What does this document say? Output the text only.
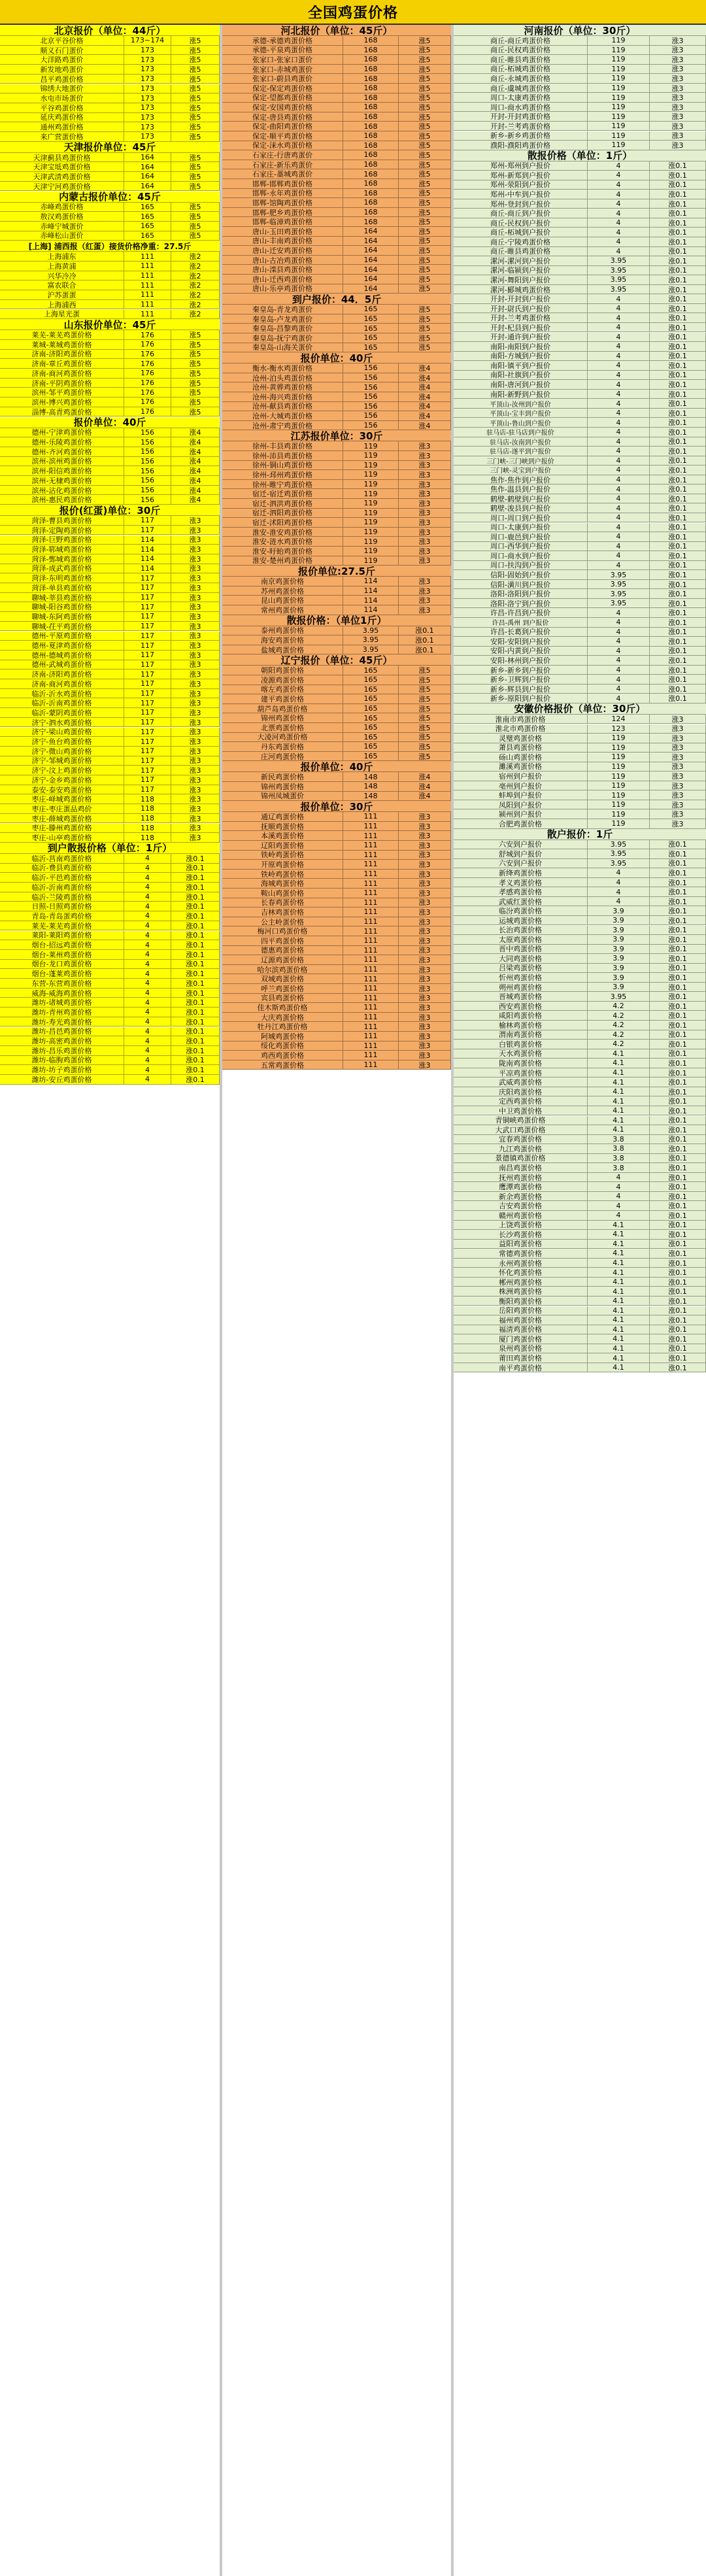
全国鸡蛋价格
北京报价（单位：44斤）
北京平谷价格	173~174	涨5
顺义石门蛋价	173	涨5
大洋路鸡蛋价	173	涨5
新发地鸡蛋价	173	涨5
昌平鸡蛋价格	173	涨5
锦绣大地蛋价	173	涨5
水屯市场蛋价	173	涨5
平谷鸡蛋价格	173	涨5
延庆鸡蛋价格	173	涨5
通州鸡蛋价格	173	涨5
来广营蛋价格	173	涨5
天津报价单位：45斤
天津蓟县鸡蛋价格	164	涨5
天津宝坻鸡蛋价格	164	涨5
天津武清鸡蛋价格	164	涨5
天津宁河鸡蛋价格	164	涨5
内蒙古报价单位：45斤
赤峰鸡蛋价格	165	涨5
敖汉鸡蛋价格	165	涨5
赤峰宁城蛋价	165	涨5
赤峰松山蛋价	165	涨5
[上海] 浦西报（红蛋）接货价格净重：27.5斤
上海浦东	111	涨2
上海黄浦	111	涨2
兴华冷冷	111	涨2
富农联合	111	涨2
沪苏蛋蛋	111	涨2
上海浦西	111	涨2
上海星光蛋	111	涨2
山东报价单位：45斤
莱芜-莱芜鸡蛋价格	176	涨5
莱城-莱城鸡蛋价格	176	涨5
济南-济阳鸡蛋价格	176	涨5
济南-章丘鸡蛋价格	176	涨5
济南-商河鸡蛋价格	176	涨5
济南-平阴鸡蛋价格	176	涨5
滨州-邹平鸡蛋价格	176	涨5
滨州-博兴鸡蛋价格	176	涨5
淄博-高青鸡蛋价格	176	涨5
报价单位：40斤
德州-宁津鸡蛋价格	156	涨4
德州-乐陵鸡蛋价格	156	涨4
德州-齐河鸡蛋价格	156	涨4
滨州-滨州鸡蛋价格	156	涨4
滨州-阳信鸡蛋价格	156	涨4
滨州-无棣鸡蛋价格	156	涨4
滨州-沾化鸡蛋价格	156	涨4
滨州-惠民鸡蛋价格	156	涨4
报价(红蛋)单位：30斤
菏泽-曹县鸡蛋价格	117	涨3
菏泽-定陶鸡蛋价格	117	涨3
菏泽-巨野鸡蛋价格	114	涨3
菏泽-郓城鸡蛋价格	114	涨3
菏泽-鄄城鸡蛋价格	114	涨3
菏泽-成武鸡蛋价格	114	涨3
菏泽-东明鸡蛋价格	117	涨3
菏泽-单县鸡蛋价格	117	涨3
聊城-莘县鸡蛋价格	117	涨3
聊城-阳谷鸡蛋价格	117	涨3
聊城-东阿鸡蛋价格	117	涨3
聊城-茌平鸡蛋价格	117	涨3
德州-平原鸡蛋价格	117	涨3
德州-夏津鸡蛋价格	117	涨3
德州-德城鸡蛋价格	117	涨3
德州-武城鸡蛋价格	117	涨3
济南-济阳鸡蛋价格	117	涨3
济南-商河鸡蛋价格	117	涨3
临沂-沂水鸡蛋价格	117	涨3
临沂-沂南鸡蛋价格	117	涨3
临沂-蒙阴鸡蛋价格	117	涨3
济宁-泗水鸡蛋价格	117	涨3
济宁-梁山鸡蛋价格	117	涨3
济宁-鱼台鸡蛋价格	117	涨3
济宁-微山鸡蛋价格	117	涨3
济宁-邹城鸡蛋价格	117	涨3
济宁-汶上鸡蛋价格	117	涨3
济宁-金乡鸡蛋价格	117	涨3
泰安-泰安鸡蛋价格	117	涨3
枣庄-峄城鸡蛋价格	118	涨3
枣庄-枣庄蛋品鸡价	118	涨3
枣庄-薛城鸡蛋价格	118	涨3
枣庄-滕州鸡蛋价格	118	涨3
枣庄-山亭鸡蛋价格	118	涨3
到户散报价格（单位：1斤）
临沂-莒南鸡蛋价格	4	涨0.1
临沂-费县鸡蛋价格	4	涨0.1
临沂-平邑鸡蛋价格	4	涨0.1
临沂-沂南鸡蛋价格	4	涨0.1
临沂-兰陵鸡蛋价格	4	涨0.1
日照-日照鸡蛋价格	4	涨0.1
青岛-青岛蛋鸡价格	4	涨0.1
莱芜-莱芜鸡蛋价格	4	涨0.1
莱阳-莱阳鸡蛋价格	4	涨0.1
烟台-招远鸡蛋价格	4	涨0.1
烟台-莱州鸡蛋价格	4	涨0.1
烟台-龙口鸡蛋价格	4	涨0.1
烟台-蓬莱鸡蛋价格	4	涨0.1
东营-东营鸡蛋价格	4	涨0.1
威海-威海鸡蛋价格	4	涨0.1
潍坊-诸城鸡蛋价格	4	涨0.1
潍坊-青州鸡蛋价格	4	涨0.1
潍坊-寿光鸡蛋价格	4	涨0.1
潍坊-昌邑鸡蛋价格	4	涨0.1
潍坊-高密鸡蛋价格	4	涨0.1
潍坊-昌乐鸡蛋价格	4	涨0.1
潍坊-临朐鸡蛋价格	4	涨0.1
潍坊-坊子鸡蛋价格	4	涨0.1
潍坊-安丘鸡蛋价格	4	涨0.1
河北报价（单位：45斤）
承德-承德鸡蛋价格	168	涨5
承德-平泉鸡蛋价格	168	涨5
张家口-张家口蛋价	168	涨5
张家口-赤城鸡蛋价	168	涨5
张家口-蔚县鸡蛋价	168	涨5
保定-保定鸡蛋价格	168	涨5
保定-望都鸡蛋价格	168	涨5
保定-安国鸡蛋价格	168	涨5
保定-唐县鸡蛋价格	168	涨5
保定-曲阳鸡蛋价格	168	涨5
保定-顺平鸡蛋价格	168	涨5
保定-涞水鸡蛋价格	168	涨5
石家庄-行唐鸡蛋价	168	涨5
石家庄-新乐鸡蛋价	168	涨5
石家庄-藁城鸡蛋价	168	涨5
邯郸-邯郸鸡蛋价格	168	涨5
邯郸-永年鸡蛋价格	168	涨5
邯郸-馆陶鸡蛋价格	168	涨5
邯郸-肥乡鸡蛋价格	168	涨5
邯郸-临漳鸡蛋价格	168	涨5
唐山-玉田鸡蛋价格	164	涨5
唐山-丰南鸡蛋价格	164	涨5
唐山-迁安鸡蛋价格	164	涨5
唐山-古冶鸡蛋价格	164	涨5
唐山-滦县鸡蛋价格	164	涨5
唐山-迁西鸡蛋价格	164	涨5
唐山-乐亭鸡蛋价格	164	涨5
到户报价：44．5斤
秦皇岛-青龙鸡蛋价	165	涨5
秦皇岛-卢龙鸡蛋价	165	涨5
秦皇岛-昌黎鸡蛋价	165	涨5
秦皇岛-抚宁鸡蛋价	165	涨5
秦皇岛-山海关蛋价	165	涨5
报价单位：40斤
衡水-衡水鸡蛋价格	156	涨4
沧州-泊头鸡蛋价格	156	涨4
沧州-黄骅鸡蛋价格	156	涨4
沧州-海兴鸡蛋价格	156	涨4
沧州-献县鸡蛋价格	156	涨4
沧州-大城鸡蛋价格	156	涨4
沧州-肃宁鸡蛋价格	156	涨4
江苏报价单位：30斤
徐州-丰县鸡蛋价格	119	涨3
徐州-沛县鸡蛋价格	119	涨3
徐州-铜山鸡蛋价格	119	涨3
徐州-邳州鸡蛋价格	119	涨3
徐州-睢宁鸡蛋价格	119	涨3
宿迁-宿迁鸡蛋价格	119	涨3
宿迁-泗洪鸡蛋价格	119	涨3
宿迁-泗阳鸡蛋价格	119	涨3
宿迁-沭阳鸡蛋价格	119	涨3
淮安-淮安鸡蛋价格	119	涨3
淮安-涟水鸡蛋价格	119	涨3
淮安-盱眙鸡蛋价格	119	涨3
淮安-楚州鸡蛋价格	119	涨3
报价单位:27.5斤
南京鸡蛋价格	114	涨3
苏州鸡蛋价格	114	涨3
昆山鸡蛋价格	114	涨3
常州鸡蛋价格	114	涨3
散报价格：（单位1斤）
泰州鸡蛋价格	3.95	涨0.1
海安鸡蛋价格	3.95	涨0.1
盐城鸡蛋价格	3.95	涨0.1
辽宁报价（单位：45斤）
朝阳鸡蛋价格	165	涨5
凌源鸡蛋价格	165	涨5
喀左鸡蛋价格	165	涨5
建平鸡蛋价格	165	涨5
葫芦岛鸡蛋价格	165	涨5
锦州鸡蛋价格	165	涨5
北票鸡蛋价格	165	涨5
大凌河鸡蛋价格	165	涨5
丹东鸡蛋价格	165	涨5
庄河鸡蛋价格	165	涨5
报价单位：40斤
新民鸡蛋价格	148	涨4
锦州鸡蛋价格	148	涨4
锦州凤城蛋价	148	涨4
报价单位：30斤
通辽鸡蛋价格	111	涨3
抚顺鸡蛋价格	111	涨3
本溪鸡蛋价格	111	涨3
辽阳鸡蛋价格	111	涨3
铁岭鸡蛋价格	111	涨3
开原鸡蛋价格	111	涨3
铁岭鸡蛋价格	111	涨3
海城鸡蛋价格	111	涨3
鞍山鸡蛋价格	111	涨3
长春鸡蛋价格	111	涨3
吉林鸡蛋价格	111	涨3
公主岭蛋价格	111	涨3
梅河口鸡蛋价格	111	涨3
四平鸡蛋价格	111	涨3
德惠鸡蛋价格	111	涨3
辽源鸡蛋价格	111	涨3
哈尔滨鸡蛋价格	111	涨3
双城鸡蛋价格	111	涨3
呼兰鸡蛋价格	111	涨3
宾县鸡蛋价格	111	涨3
佳木斯鸡蛋价格	111	涨3
大庆鸡蛋价格	111	涨3
牡丹江鸡蛋价格	111	涨3
阿城鸡蛋价格	111	涨3
绥化鸡蛋价格	111	涨3
鸡西鸡蛋价格	111	涨3
五常鸡蛋价格	111	涨3
河南报价（单位：30斤）
商丘-商丘鸡蛋价格	119	涨3
商丘-民权鸡蛋价格	119	涨3
商丘-睢县鸡蛋价格	119	涨3
商丘-柘城鸡蛋价格	119	涨3
商丘-永城鸡蛋价格	119	涨3
商丘-虞城鸡蛋价格	119	涨3
周口-太康鸡蛋价格	119	涨3
周口-商水鸡蛋价格	119	涨3
开封-开封鸡蛋价格	119	涨3
开封-兰考鸡蛋价格	119	涨3
新乡-新乡鸡蛋价格	119	涨3
濮阳-濮阳鸡蛋价格	119	涨3
散报价格（单位：1斤）
郑州-郑州到户报价	4	涨0.1
郑州-新郑到户报价	4	涨0.1
郑州-荥阳到户报价	4	涨0.1
郑州-中牟到户报价	4	涨0.1
郑州-登封到户报价	4	涨0.1
商丘-商丘到户报价	4	涨0.1
商丘-民权到户报价	4	涨0.1
商丘-柘城到户报价	4	涨0.1
商丘-宁陵鸡蛋价格	4	涨0.1
商丘-睢县鸡蛋价格	4	涨0.1
漯河-漯河到户报价	3.95	涨0.1
漯河-临颍到户报价	3.95	涨0.1
漯河-舞阳到户报价	3.95	涨0.1
漯河-郾城鸡蛋价格	3.95	涨0.1
开封-开封到户报价	4	涨0.1
开封-尉氏到户报价	4	涨0.1
开封-兰考鸡蛋价格	4	涨0.1
开封-杞县到户报价	4	涨0.1
开封-通许到户报价	4	涨0.1
南阳-南阳到户报价	4	涨0.1
南阳-方城到户报价	4	涨0.1
南阳-镇平到户报价	4	涨0.1
南阳-社旗到户报价	4	涨0.1
南阳-唐河到户报价	4	涨0.1
南阳-新野到户报价	4	涨0.1
平顶山-汝州到户报价	4	涨0.1
平顶山-宝丰到户报价	4	涨0.1
平顶山-鲁山到户报价	4	涨0.1
驻马店-驻马店到户报价	4	涨0.1
驻马店-汝南到户报价	4	涨0.1
驻马店-遂平到户报价	4	涨0.1
三门峡-三门峡到户报价	4	涨0.1
三门峡-灵宝到户报价	4	涨0.1
焦作-焦作到户报价	4	涨0.1
焦作-温县到户报价	4	涨0.1
鹤壁-鹤壁到户报价	4	涨0.1
鹤壁-浚县到户报价	4	涨0.1
周口-周口到户报价	4	涨0.1
周口-太康到户报价	4	涨0.1
周口-鹿邑到户报价	4	涨0.1
周口-西华到户报价	4	涨0.1
周口-商水到户报价	4	涨0.1
周口-扶沟到户报价	4	涨0.1
信阳-固始到户报价	3.95	涨0.1
信阳-潢川到户报价	3.95	涨0.1
洛阳-洛阳到户报价	3.95	涨0.1
洛阳-洛宁到户报价	3.95	涨0.1
许昌-许昌到户报价	4	涨0.1
许昌-禹州 到户报价	4	涨0.1
许昌-长葛到户报价	4	涨0.1
安阳-安阳到户报价	4	涨0.1
安阳-内黄到户报价	4	涨0.1
安阳-林州到户报价	4	涨0.1
新乡-新乡到户报价	4	涨0.1
新乡-卫辉到户报价	4	涨0.1
新乡-辉县到户报价	4	涨0.1
新乡-原阳到户报价	4	涨0.1
安徽价格报价（单位：30斤）
淮南市鸡蛋价格	124	涨3
淮北市鸡蛋价格	123	涨3
灵璧鸡蛋价格	119	涨3
萧县鸡蛋价格	119	涨3
砀山鸡蛋价格	119	涨3
濉溪鸡蛋价格	119	涨3
宿州到户报价	119	涨3
亳州到户报价	119	涨3
蚌埠到户报价	119	涨3
凤阳到户报价	119	涨3
颍州到户报价	119	涨3
合肥鸡蛋价格	119	涨3
散户报价：1斤
六安到户报价	3.95	涨0.1
舒城到户报价	3.95	涨0.1
六安到户报价	3.95	涨0.1
新绛鸡蛋价格	4	涨0.1
孝义鸡蛋价格	4	涨0.1
孝感鸡蛋价格	4	涨0.1
武威红蛋价格	4	涨0.1
临汾鸡蛋价格	3.9	涨0.1
运城鸡蛋价格	3.9	涨0.1
长治鸡蛋价格	3.9	涨0.1
太原鸡蛋价格	3.9	涨0.1
晋中鸡蛋价格	3.9	涨0.1
大同鸡蛋价格	3.9	涨0.1
吕梁鸡蛋价格	3.9	涨0.1
忻州鸡蛋价格	3.9	涨0.1
朔州鸡蛋价格	3.9	涨0.1
晋城鸡蛋价格	3.95	涨0.1
西安鸡蛋价格	4.2	涨0.1
咸阳鸡蛋价格	4.2	涨0.1
榆林鸡蛋价格	4.2	涨0.1
渭南鸡蛋价格	4.2	涨0.1
白银鸡蛋价格	4.2	涨0.1
天水鸡蛋价格	4.1	涨0.1
陇南鸡蛋价格	4.1	涨0.1
平凉鸡蛋价格	4.1	涨0.1
武威鸡蛋价格	4.1	涨0.1
庆阳鸡蛋价格	4.1	涨0.1
定西鸡蛋价格	4.1	涨0.1
中卫鸡蛋价格	4.1	涨0.1
青铜峡鸡蛋价格	4.1	涨0.1
大武口鸡蛋价格	4.1	涨0.1
宜春鸡蛋价格	3.8	涨0.1
九江鸡蛋价格	3.8	涨0.1
景德镇鸡蛋价格	3.8	涨0.1
南昌鸡蛋价格	3.8	涨0.1
抚州鸡蛋价格	4	涨0.1
鹰潭鸡蛋价格	4	涨0.1
新余鸡蛋价格	4	涨0.1
吉安鸡蛋价格	4	涨0.1
赣州鸡蛋价格	4	涨0.1
上饶鸡蛋价格	4.1	涨0.1
长沙鸡蛋价格	4.1	涨0.1
益阳鸡蛋价格	4.1	涨0.1
常德鸡蛋价格	4.1	涨0.1
永州鸡蛋价格	4.1	涨0.1
怀化鸡蛋价格	4.1	涨0.1
郴州鸡蛋价格	4.1	涨0.1
株洲鸡蛋价格	4.1	涨0.1
衡阳鸡蛋价格	4.1	涨0.1
岳阳鸡蛋价格	4.1	涨0.1
福州鸡蛋价格	4.1	涨0.1
福清鸡蛋价格	4.1	涨0.1
厦门鸡蛋价格	4.1	涨0.1
泉州鸡蛋价格	4.1	涨0.1
莆田鸡蛋价格	4.1	涨0.1
南平鸡蛋价格	4.1	涨0.1
